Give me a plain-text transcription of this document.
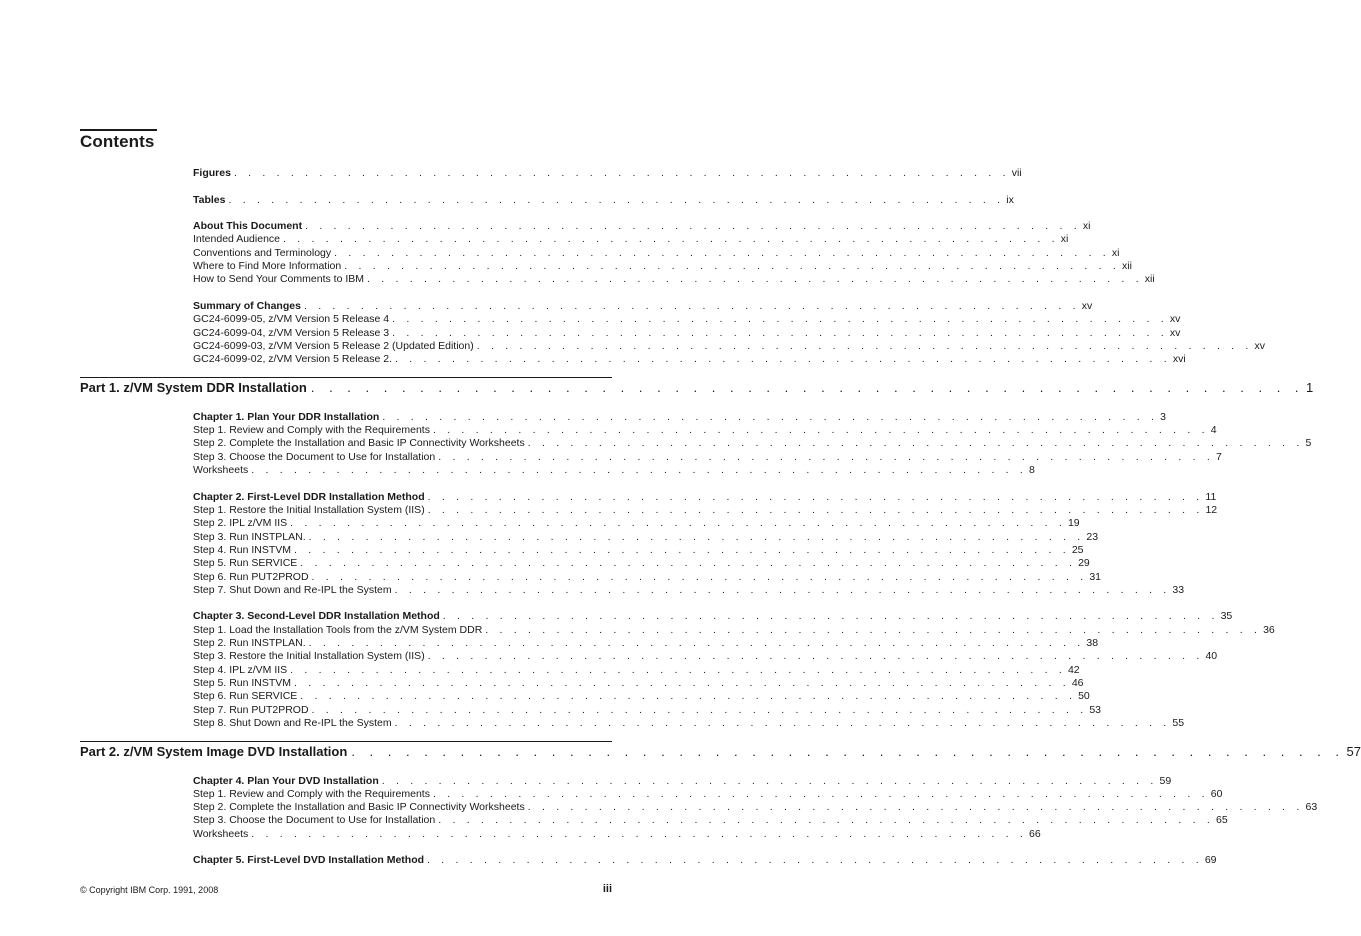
Contents
Figures . . . . . . . . . . . . . . . . . . . . . . . . . . . . . . . . . . . . . . . . . . . . . . . . . . . . . . . vii
Tables . . . . . . . . . . . . . . . . . . . . . . . . . . . . . . . . . . . . . . . . . . . . . . . . . . . . . . . ix
About This Document . . . . . . . . . . . . . . . . . . . . . . . . . . . . . . . . . . . . . . . . . . . . . . . . . . . . . . . xi
Intended Audience . . . . . . . . . . . . . . . . . . . . . . . . . . . . . . . . . . . . . . . . . . . . . . . . . . . . . . . xi
Conventions and Terminology . . . . . . . . . . . . . . . . . . . . . . . . . . . . . . . . . . . . . . . . . . . . . . . . . . . . . . . xi
Where to Find More Information . . . . . . . . . . . . . . . . . . . . . . . . . . . . . . . . . . . . . . . . . . . . . . . . . . . . . . . xii
How to Send Your Comments to IBM . . . . . . . . . . . . . . . . . . . . . . . . . . . . . . . . . . . . . . . . . . . . . . . . . . . . . . . xii
Summary of Changes . . . . . . . . . . . . . . . . . . . . . . . . . . . . . . . . . . . . . . . . . . . . . . . . . . . . . . . xv
GC24-6099-05, z/VM Version 5 Release 4 . . . . . . . . . . . . . . . . . . . . . . . . . . . . . . . . . . . . . . . . . . . . . . . . . . . . . . . xv
GC24-6099-04, z/VM Version 5 Release 3 . . . . . . . . . . . . . . . . . . . . . . . . . . . . . . . . . . . . . . . . . . . . . . . . . . . . . . . xv
GC24-6099-03, z/VM Version 5 Release 2 (Updated Edition) . . . . . . . . . . . . . . . . . . . . . . . . . . . . . . . . . . . . . . . . . . . . . . . . . . . . . . . xv
GC24-6099-02, z/VM Version 5 Release 2. . . . . . . . . . . . . . . . . . . . . . . . . . . . . . . . . . . . . . . . . . . . . . . . . . . . . . . . xvi
Chapter 1. Plan Your DDR Installation . . . . . . . . . . . . . . . . . . . . . . . . . . . . . . . . . . . . . . . . . . . . . . . . . . . . . . . 3
Step 1. Review and Comply with the Requirements . . . . . . . . . . . . . . . . . . . . . . . . . . . . . . . . . . . . . . . . . . . . . . . . . . . . . . . 4
Step 2. Complete the Installation and Basic IP Connectivity Worksheets . . . . . . . . . . . . . . . . . . . . . . . . . . . . . . . . . . . . . . . . . . . . . . . . . . . . . . . 5
Step 3. Choose the Document to Use for Installation . . . . . . . . . . . . . . . . . . . . . . . . . . . . . . . . . . . . . . . . . . . . . . . . . . . . . . . 7
Worksheets . . . . . . . . . . . . . . . . . . . . . . . . . . . . . . . . . . . . . . . . . . . . . . . . . . . . . . . 8
Chapter 2. First-Level DDR Installation Method . . . . . . . . . . . . . . . . . . . . . . . . . . . . . . . . . . . . . . . . . . . . . . . . . . . . . . . 11
Step 1. Restore the Initial Installation System (IIS) . . . . . . . . . . . . . . . . . . . . . . . . . . . . . . . . . . . . . . . . . . . . . . . . . . . . . . . 12
Step 2. IPL z/VM IIS . . . . . . . . . . . . . . . . . . . . . . . . . . . . . . . . . . . . . . . . . . . . . . . . . . . . . . . 19
Step 3. Run INSTPLAN. . . . . . . . . . . . . . . . . . . . . . . . . . . . . . . . . . . . . . . . . . . . . . . . . . . . . . . . 23
Step 4. Run INSTVM . . . . . . . . . . . . . . . . . . . . . . . . . . . . . . . . . . . . . . . . . . . . . . . . . . . . . . . 25
Step 5. Run SERVICE . . . . . . . . . . . . . . . . . . . . . . . . . . . . . . . . . . . . . . . . . . . . . . . . . . . . . . . 29
Step 6. Run PUT2PROD . . . . . . . . . . . . . . . . . . . . . . . . . . . . . . . . . . . . . . . . . . . . . . . . . . . . . . . 31
Step 7. Shut Down and Re-IPL the System . . . . . . . . . . . . . . . . . . . . . . . . . . . . . . . . . . . . . . . . . . . . . . . . . . . . . . . 33
Chapter 3. Second-Level DDR Installation Method . . . . . . . . . . . . . . . . . . . . . . . . . . . . . . . . . . . . . . . . . . . . . . . . . . . . . . . 35
Step 1. Load the Installation Tools from the z/VM System DDR . . . . . . . . . . . . . . . . . . . . . . . . . . . . . . . . . . . . . . . . . . . . . . . . . . . . . . . 36
Step 2. Run INSTPLAN. . . . . . . . . . . . . . . . . . . . . . . . . . . . . . . . . . . . . . . . . . . . . . . . . . . . . . . . 38
Step 3. Restore the Initial Installation System (IIS) . . . . . . . . . . . . . . . . . . . . . . . . . . . . . . . . . . . . . . . . . . . . . . . . . . . . . . . 40
Step 4. IPL z/VM IIS . . . . . . . . . . . . . . . . . . . . . . . . . . . . . . . . . . . . . . . . . . . . . . . . . . . . . . . 42
Step 5. Run INSTVM . . . . . . . . . . . . . . . . . . . . . . . . . . . . . . . . . . . . . . . . . . . . . . . . . . . . . . . 46
Step 6. Run SERVICE . . . . . . . . . . . . . . . . . . . . . . . . . . . . . . . . . . . . . . . . . . . . . . . . . . . . . . . 50
Step 7. Run PUT2PROD . . . . . . . . . . . . . . . . . . . . . . . . . . . . . . . . . . . . . . . . . . . . . . . . . . . . . . . 53
Step 8. Shut Down and Re-IPL the System . . . . . . . . . . . . . . . . . . . . . . . . . . . . . . . . . . . . . . . . . . . . . . . . . . . . . . . 55
Chapter 4. Plan Your DVD Installation . . . . . . . . . . . . . . . . . . . . . . . . . . . . . . . . . . . . . . . . . . . . . . . . . . . . . . . 59
Step 1. Review and Comply with the Requirements . . . . . . . . . . . . . . . . . . . . . . . . . . . . . . . . . . . . . . . . . . . . . . . . . . . . . . . 60
Step 2. Complete the Installation and Basic IP Connectivity Worksheets . . . . . . . . . . . . . . . . . . . . . . . . . . . . . . . . . . . . . . . . . . . . . . . . . . . . . . . 63
Step 3. Choose the Document to Use for Installation . . . . . . . . . . . . . . . . . . . . . . . . . . . . . . . . . . . . . . . . . . . . . . . . . . . . . . . 65
Worksheets . . . . . . . . . . . . . . . . . . . . . . . . . . . . . . . . . . . . . . . . . . . . . . . . . . . . . . . 66
Chapter 5. First-Level DVD Installation Method . . . . . . . . . . . . . . . . . . . . . . . . . . . . . . . . . . . . . . . . . . . . . . . . . . . . . . . 69
Part 1. z/VM System DDR Installation . . . . . . . . . . . . . . . . . . . . . . . . . . . . . . . . . . . . . . . . . . . . . . . . . . . . . . . 1
Part 2. z/VM System Image DVD Installation . . . . . . . . . . . . . . . . . . . . . . . . . . . . . . . . . . . . . . . . . . . . . . . . . . . . . . . 57
© Copyright IBM Corp. 1991, 2008	iii
